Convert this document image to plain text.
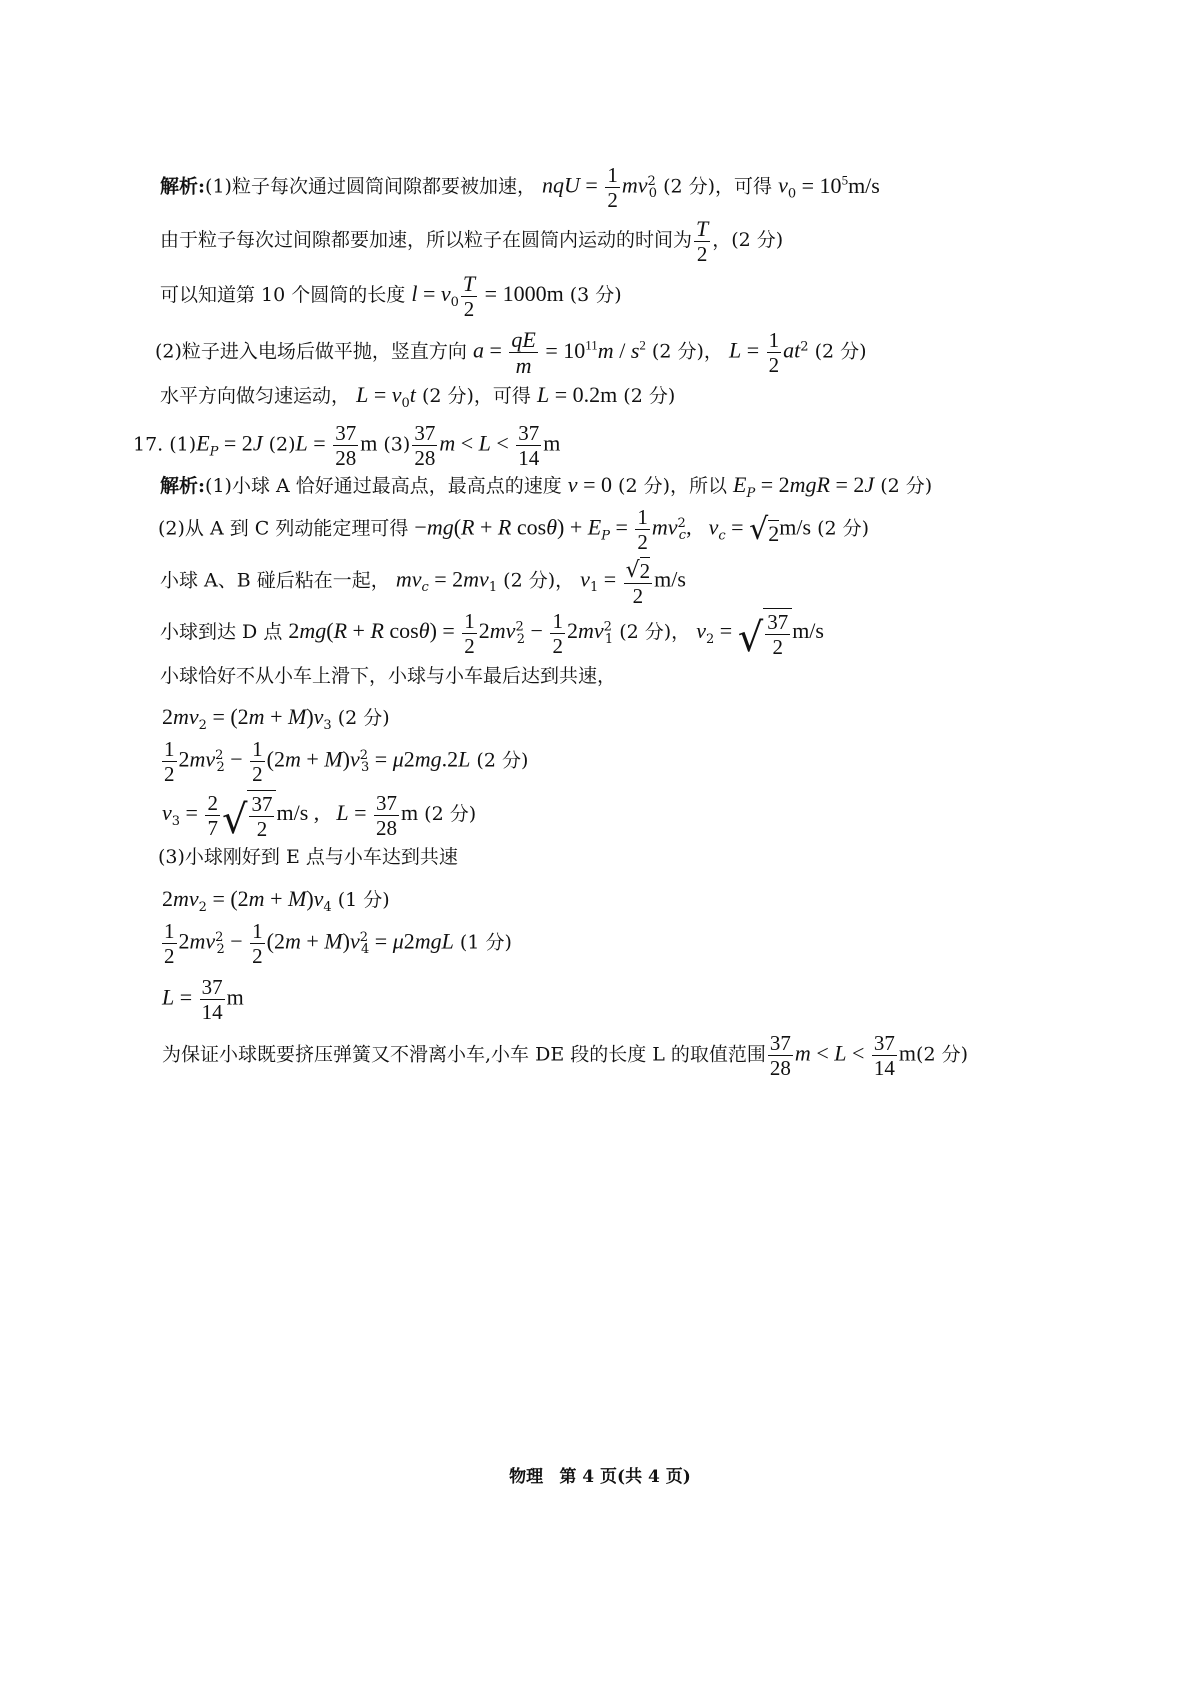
解析:(1)粒子每次通过圆筒间隙都要被加速， nqU = $\frac{1}{2} mv^2_0$ (2 分)，可得 $v_0 = 10^5m/s$
由于粒子每次过间隙都要加速，所以粒子在圆筒内运动的时间为 $\frac{T}{2}$ ，(2 分)
可以知道第 10 个圆筒的长度 $l = v_0 \frac{T}{2} = 1000m$ (3 分)
(2)粒子进入电场后做平抛，竖直方向 $a = \frac{qE}{m} = 10^{11}m / s^2$ (2 分)， $L = \frac{1}{2} at^2$ (2 分)
水平方向做匀速运动， $L = v_0t$ (2 分)，可得 L = 0.2m (2 分)
17. $(1)E_P = 2J$ $(2)L = \frac{37}{28}$ m $(3) \frac{37}{28}$ $m < L < \frac{37}{14}$ m
解析:(1)小球 A 恰好通过最高点，最高点的速度 v = 0 (2 分)，所以 $E_P = 2mgR = 2J$ (2 分)
(2)从 A 到 C 列动能定理可得 −mg(R + R $\cos\theta) + E_P = \frac{1}{2} mv^2_c$,   $v_c$ = √ 2 m/s (2 分)
小球 A、B 碰后粘在一起， $mv_c = 2mv_1$ (2 分)， $v_1 = \frac{√ 2}{2} m/s$
小球到达 D 点 2mg(R + R $\cos\theta) = \frac{1}{2} 2mv^2_2 - \frac{1}{2} 2mv^2_1$ (2 分)， $v_2$ = √ $\frac{37}{2} m/s$
小球恰好不从小车上滑下，小球与小车最后达到共速，
$2mv_2 = (2m + M)v_3$ (2 分)
$\frac{1}{2} 2mv^2_2 - \frac{1}{2} (2m + M)v^2_3 = \mu 2mg.2L$ (2 分)
$v_3 = \frac{2}{7}$ √ $\frac{37}{2} m/s$ ,   $L = \frac{37}{28}$ m (2 分)
(3)小球刚好到 E 点与小车达到共速
$2mv_2 = (2m + M)v_4$ (1 分)
$\frac{1}{2} 2mv^2_2 - \frac{1}{2} (2m + M)v^2_4 = \mu 2mgL$ (1 分)
$L = \frac{37}{14}$ m
为保证小球既要挤压弹簧又不滑离小车,小车 DE 段的长度 L 的取值范围 $\frac{37}{28}$ $m < L < \frac{37}{14} m(2$ 分)
物理 第 4 页(共 4 页)
